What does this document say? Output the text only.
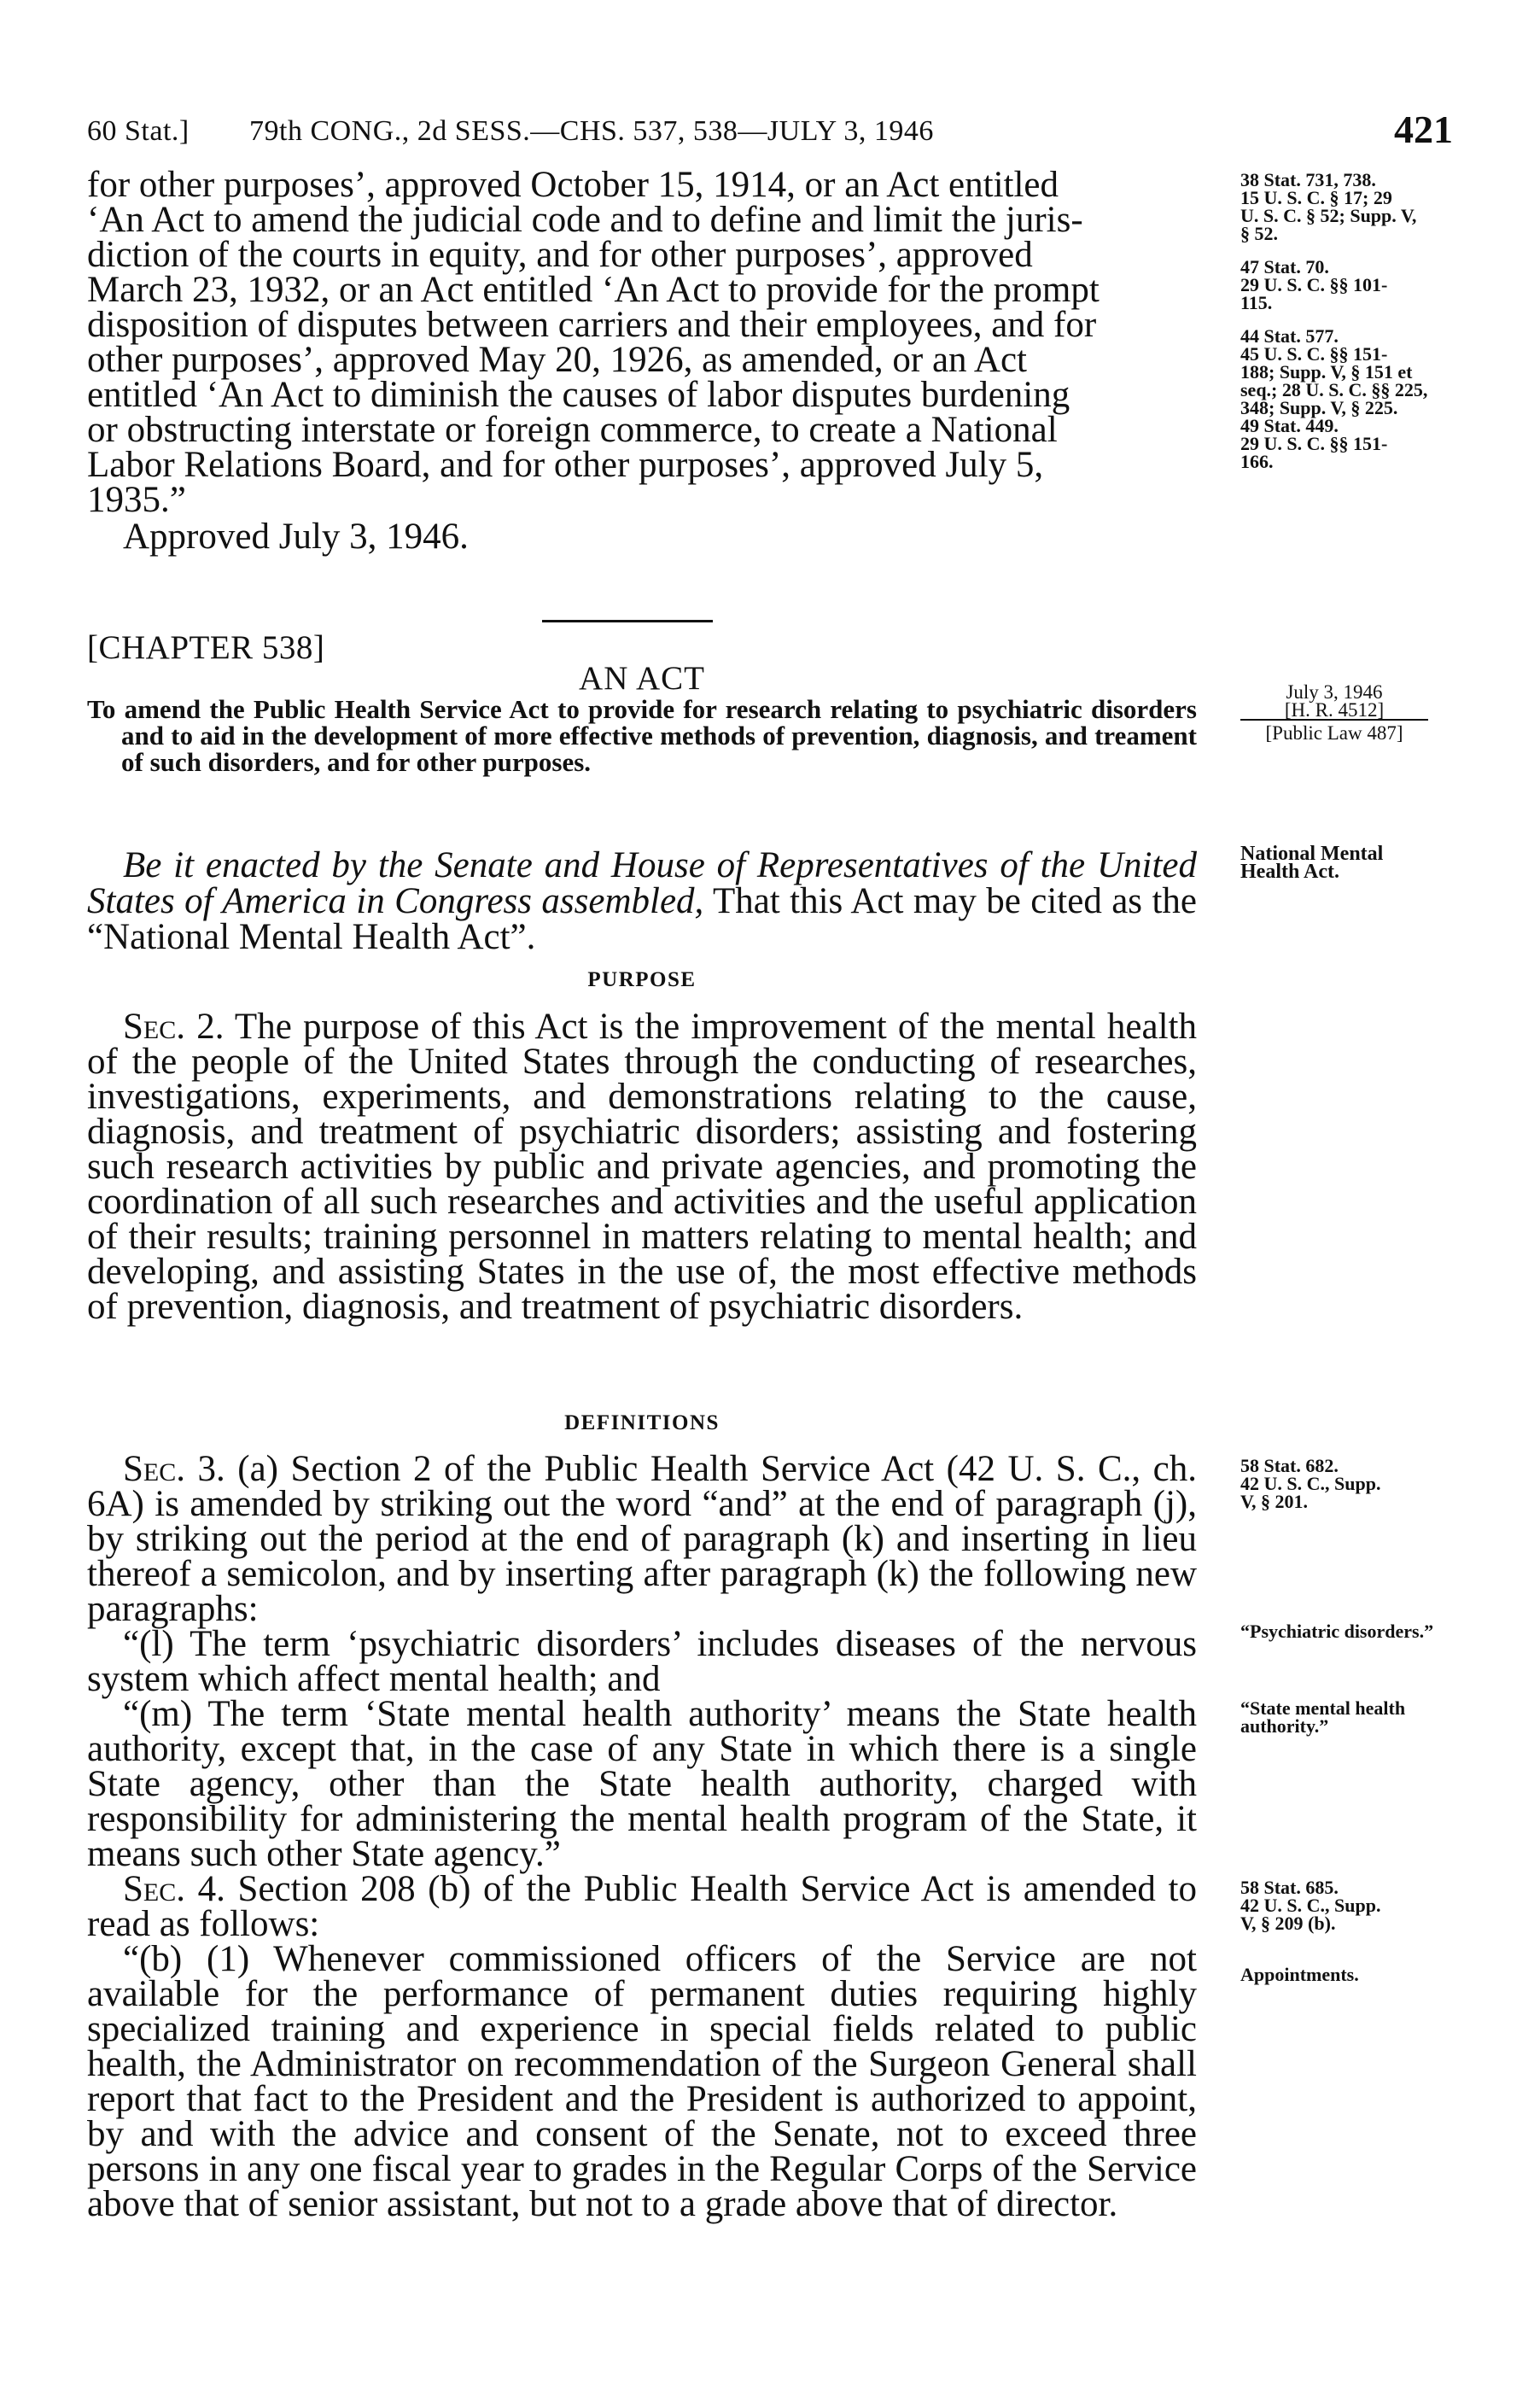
60 Stat.] 79th CONG., 2d SESS.—CHS. 537, 538—JULY 3, 1946	421

for other purposes’, approved October 15, 1914, or an Act entitled

‘An Act to amend the judicial code and to define and limit the juris-

diction of the courts in equity, and for other purposes’, approved

March 23, 1932, or an Act entitled ‘An Act to provide for the prompt

disposition of disputes between carriers and their employees, and for

other purposes’, approved May 20, 1926, as amended, or an Act

entitled ‘An Act to diminish the causes of labor disputes burdening

or obstructing interstate or foreign commerce, to create a National

Labor Relations Board, and for other purposes’, approved July 5,

1935.”

Approved July 3, 1946.

38 Stat. 731, 738.
15 U. S. C. § 17; 29
U. S. C. § 52; Supp. V,
§ 52.
47 Stat. 70.
29 U. S. C. §§ 101-
115.
44 Stat. 577.
45 U. S. C. §§ 151-
188; Supp. V, § 151 et
seq.; 28 U. S. C. §§ 225,
348; Supp. V, § 225.
49 Stat. 449.
29 U. S. C. §§ 151-
166.
[CHAPTER 538]
AN ACT
To amend the Public Health Service Act to provide for research relating to psychiatric disorders and to aid in the development of more effective methods of prevention, diagnosis, and treament of such disorders, and for other purposes.
July 3, 1946
[H. R. 4512]
[Public Law 487]

Be it enacted by the Senate and House of Representatives of the United States of America in Congress assembled, That this Act may be cited as the “National Mental Health Act”.

National Mental Health Act.
PURPOSE

Sec. 2. The purpose of this Act is the improvement of the mental health of the people of the United States through the conducting of researches, investigations, experiments, and demonstrations relating to the cause, diagnosis, and treatment of psychiatric disorders; assisting and fostering such research activities by public and private agencies, and promoting the coordination of all such researches and activities and the useful application of their results; training personnel in matters relating to mental health; and developing, and assisting States in the use of, the most effective methods of prevention, diagnosis, and treatment of psychiatric disorders.

DEFINITIONS

Sec. 3. (a) Section 2 of the Public Health Service Act (42 U. S. C., ch. 6A) is amended by striking out the word “and” at the end of paragraph (j), by striking out the period at the end of paragraph (k) and inserting in lieu thereof a semicolon, and by inserting after paragraph (k) the following new paragraphs:

“(l) The term ‘psychiatric disorders’ includes diseases of the nervous system which affect mental health; and

“(m) The term ‘State mental health authority’ means the State health authority, except that, in the case of any State in which there is a single State agency, other than the State health authority, charged with responsibility for administering the mental health program of the State, it means such other State agency.”

Sec. 4. Section 208 (b) of the Public Health Service Act is amended to read as follows:

“(b) (1) Whenever commissioned officers of the Service are not available for the performance of permanent duties requiring highly specialized training and experience in special fields related to public health, the Administrator on recommendation of the Surgeon General shall report that fact to the President and the President is authorized to appoint, by and with the advice and consent of the Senate, not to exceed three persons in any one fiscal year to grades in the Regular Corps of the Service above that of senior assistant, but not to a grade above that of director.

58 Stat. 682.
42 U. S. C., Supp.
V, § 201.
“Psychiatric disorders.”
“State mental health authority.”
58 Stat. 685.
42 U. S. C., Supp.
V, § 209 (b).
Appointments.
